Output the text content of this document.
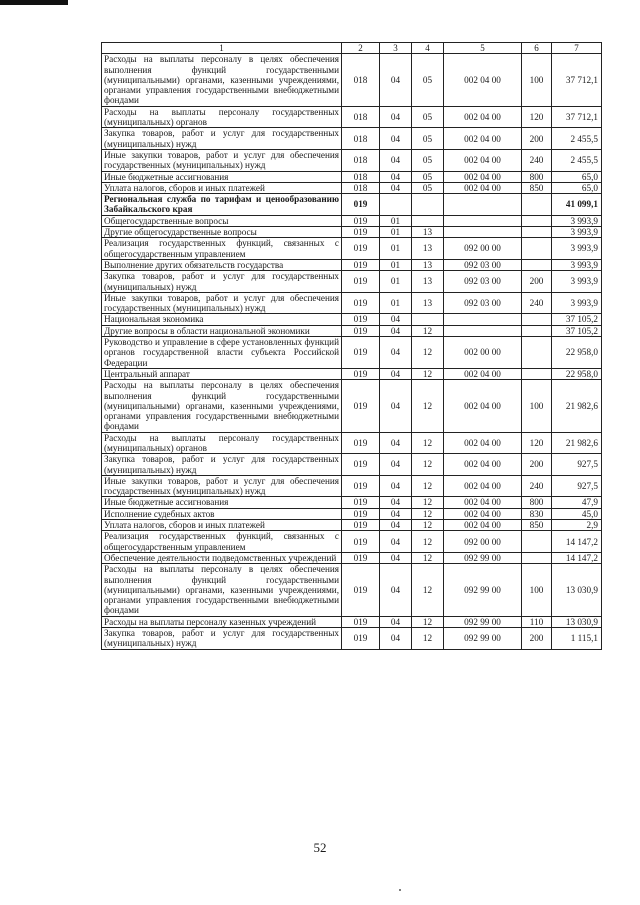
1	2	3	4	5	6	7

Расходы на выплаты персоналу в целях обеспечения выполнения функций государственными (муниципальными) органами, казенными учреждениями, органами управления государственными внебюджетными фондами	018	04	05	002 04 00	100	37 712,1

Расходы на выплаты персоналу государственных (муниципальных) органов	018	04	05	002 04 00	120	37 712,1

Закупка товаров, работ и услуг для государственных (муниципальных) нужд	018	04	05	002 04 00	200	2 455,5

Иные закупки товаров, работ и услуг для обеспечения государственных (муниципальных) нужд	018	04	05	002 04 00	240	2 455,5

Иные бюджетные ассигнования	018	04	05	002 04 00	800	65,0

Уплата налогов, сборов и иных платежей	018	04	05	002 04 00	850	65,0

Региональная служба по тарифам и ценообразованию Забайкальского края	019					41 099,1

Общегосударственные вопросы	019	01				3 993,9

Другие общегосударственные вопросы	019	01	13			3 993,9

Реализация государственных функций, связанных с общегосударственным управлением	019	01	13	092 00 00		3 993,9

Выполнение других обязательств государства	019	01	13	092 03 00		3 993,9

Закупка товаров, работ и услуг для государственных (муниципальных) нужд	019	01	13	092 03 00	200	3 993,9

Иные закупки товаров, работ и услуг для обеспечения государственных (муниципальных) нужд	019	01	13	092 03 00	240	3 993,9

Национальная экономика	019	04				37 105,2

Другие вопросы в области национальной экономики	019	04	12			37 105,2

Руководство и управление в сфере установленных функций органов государственной власти субъекта Российской Федерации	019	04	12	002 00 00		22 958,0

Центральный аппарат	019	04	12	002 04 00		22 958,0

Расходы на выплаты персоналу в целях обеспечения выполнения функций государственными (муниципальными) органами, казенными учреждениями, органами управления государственными внебюджетными фондами	019	04	12	002 04 00	100	21 982,6

Расходы на выплаты персоналу государственных (муниципальных) органов	019	04	12	002 04 00	120	21 982,6

Закупка товаров, работ и услуг для государственных (муниципальных) нужд	019	04	12	002 04 00	200	927,5

Иные закупки товаров, работ и услуг для обеспечения государственных (муниципальных) нужд	019	04	12	002 04 00	240	927,5

Иные бюджетные ассигнования	019	04	12	002 04 00	800	47,9

Исполнение судебных актов	019	04	12	002 04 00	830	45,0

Уплата налогов, сборов и иных платежей	019	04	12	002 04 00	850	2,9

Реализация государственных функций, связанных с общегосударственным управлением	019	04	12	092 00 00		14 147,2

Обеспечение деятельности подведомственных учреждений	019	04	12	092 99 00		14 147,2

Расходы на выплаты персоналу в целях обеспечения выполнения функций государственными (муниципальными) органами, казенными учреждениями, органами управления государственными внебюджетными фондами	019	04	12	092 99 00	100	13 030,9

Расходы на выплаты персоналу казенных учреждений	019	04	12	092 99 00	110	13 030,9

Закупка товаров, работ и услуг для государственных (муниципальных) нужд	019	04	12	092 99 00	200	1 115,1
52
